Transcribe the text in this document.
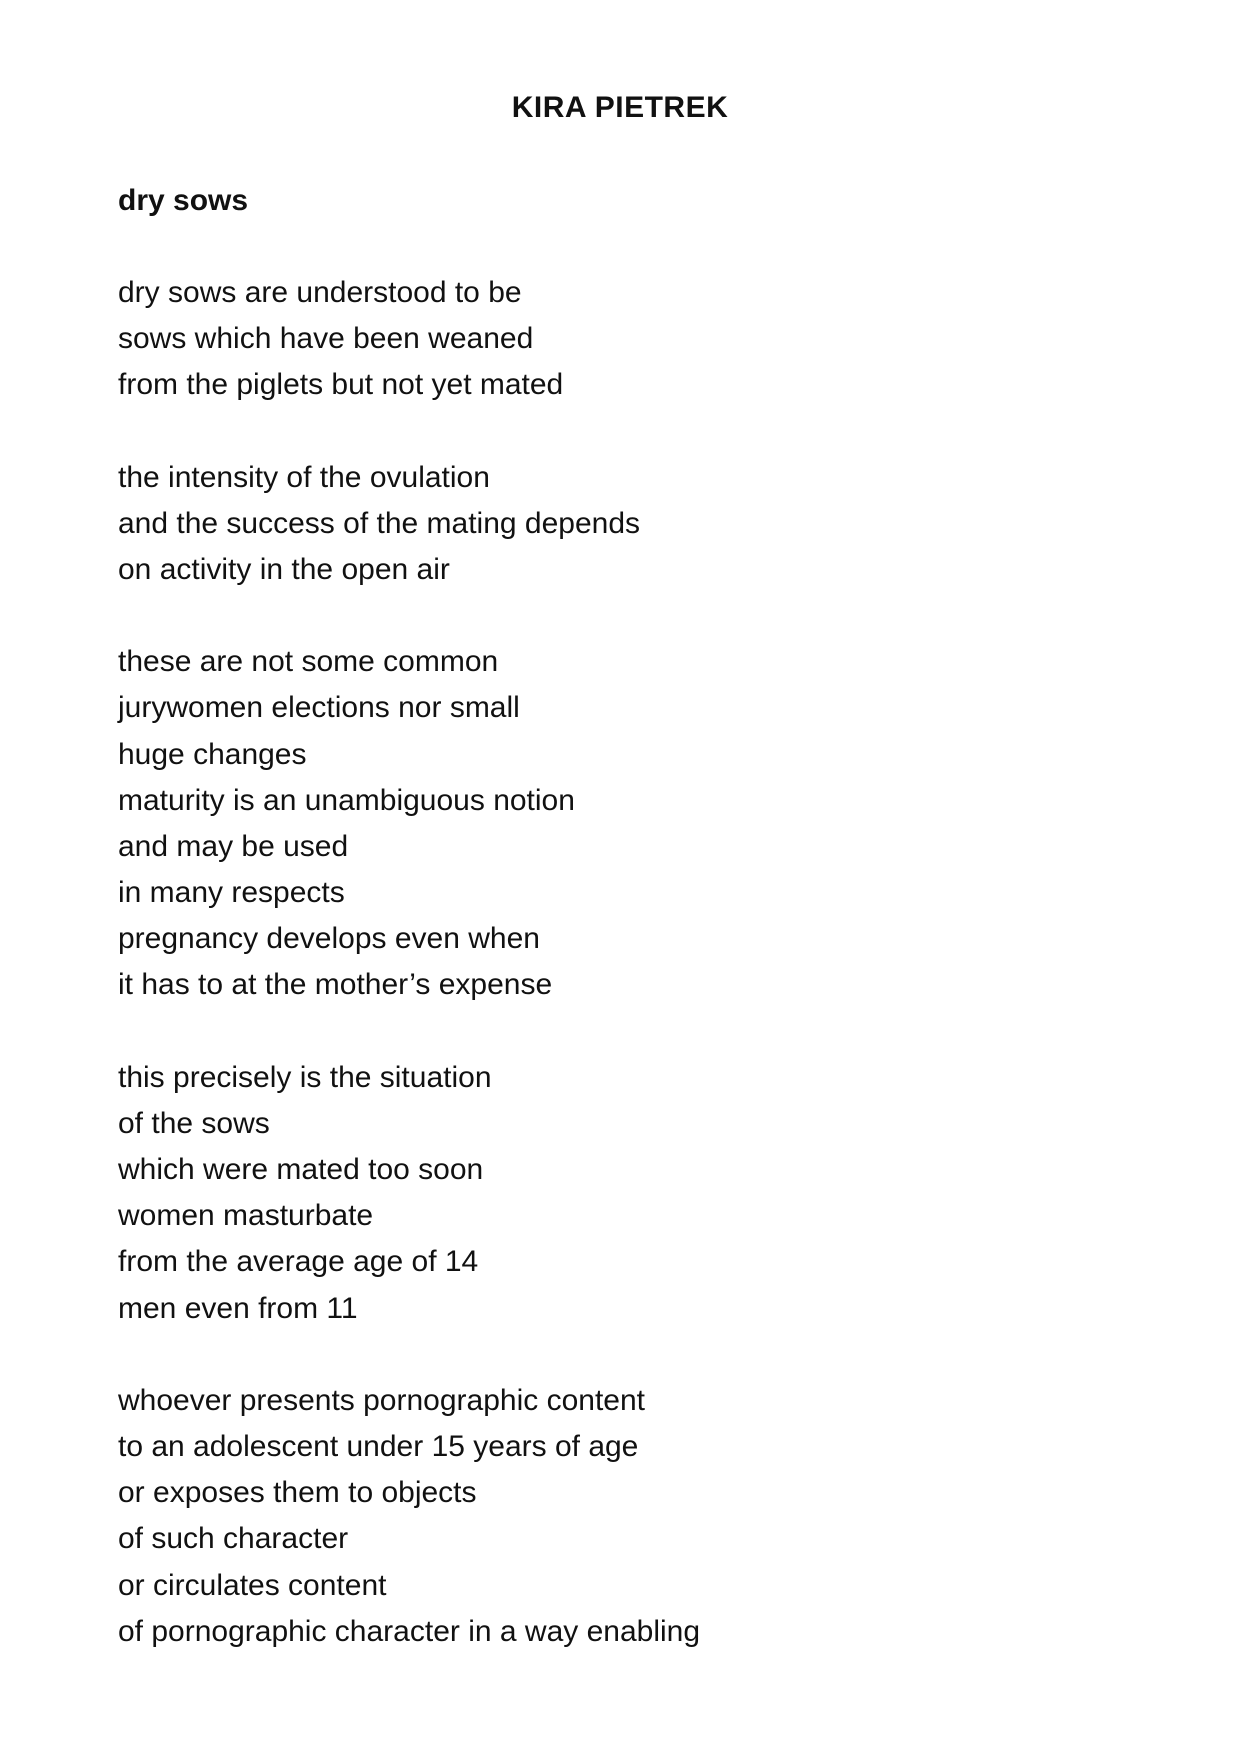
KIRA PIETREK
dry sows
dry sows are understood to be
sows which have been weaned
from the piglets but not yet mated
the intensity of the ovulation
and the success of the mating depends
on activity in the open air
these are not some common
jurywomen elections nor small
huge changes
maturity is an unambiguous notion
and may be used
in many respects
pregnancy develops even when
it has to at the mother’s expense
this precisely is the situation
of the sows
which were mated too soon
women masturbate
from the average age of 14
men even from 11
whoever presents pornographic content
to an adolescent under 15 years of age
or exposes them to objects
of such character
or circulates content
of pornographic character in a way enabling
